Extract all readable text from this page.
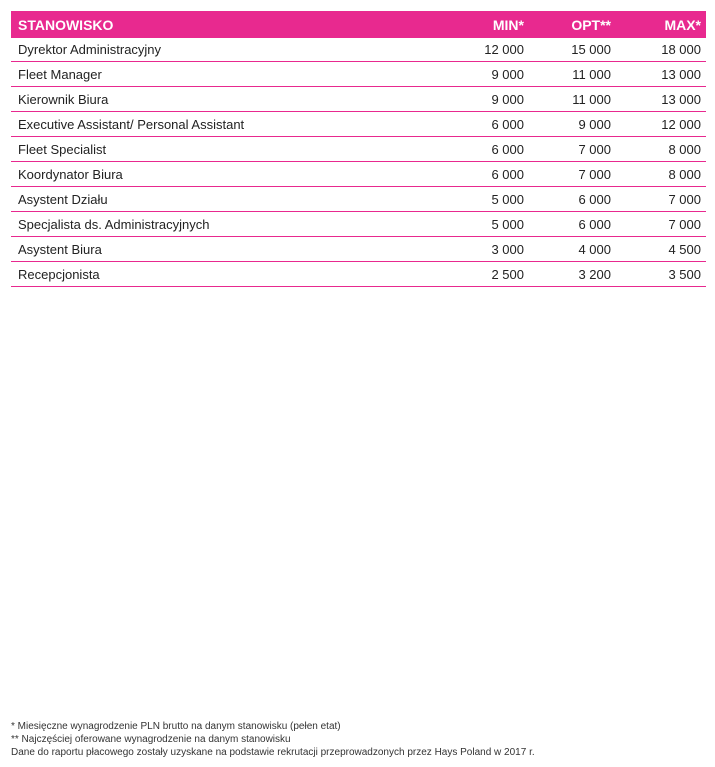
STANOWISKO	MIN*	OPT**	MAX*
Dyrektor Administracyjny	12 000	15 000	18 000
Fleet Manager	9 000	11 000	13 000
Kierownik Biura	9 000	11 000	13 000
Executive Assistant/ Personal Assistant	6 000	9 000	12 000
Fleet Specialist	6 000	7 000	8 000
Koordynator Biura	6 000	7 000	8 000
Asystent Działu	5 000	6 000	7 000
Specjalista ds. Administracyjnych	5 000	6 000	7 000
Asystent Biura	3 000	4 000	4 500
Recepcjonista	2 500	3 200	3 500
* Miesięczne wynagrodzenie PLN brutto na danym stanowisku (pełen etat)
** Najczęściej oferowane wynagrodzenie na danym stanowisku
Dane do raportu płacowego zostały uzyskane na podstawie rekrutacji przeprowadzonych przez Hays Poland w 2017 r.
